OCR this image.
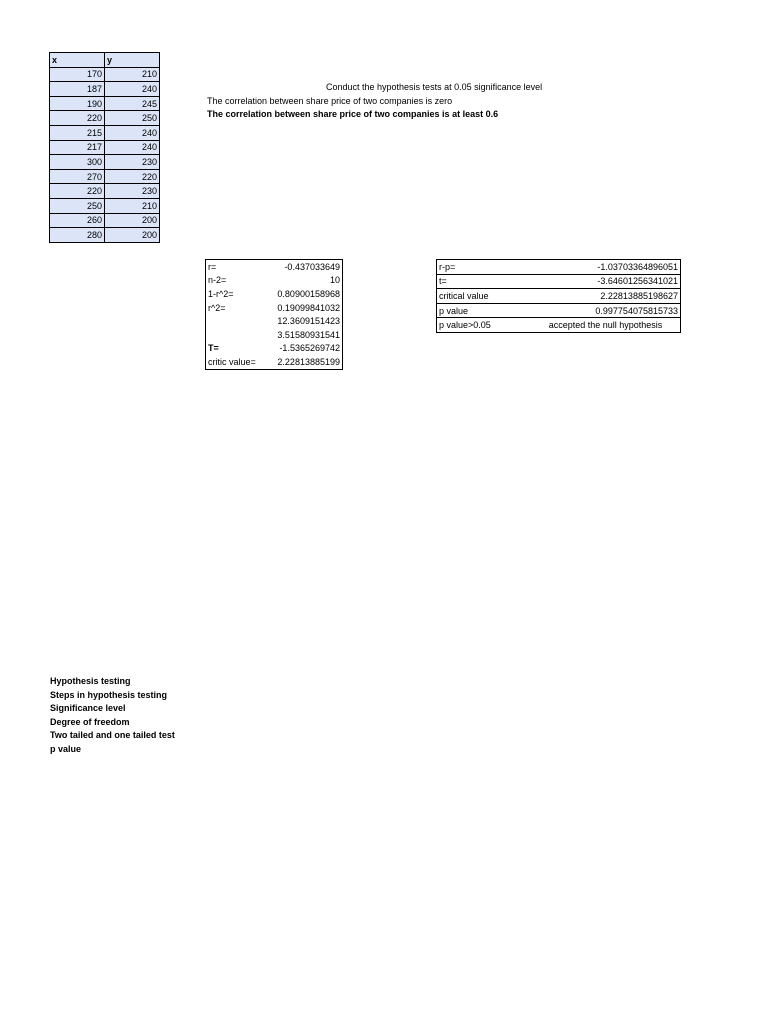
x	y
170	210
187	240
190	245
220	250
215	240
217	240
300	230
270	220
220	230
250	210
260	200
280	200
Conduct the hypothesis tests at 0.05 significance level
The correlation between share price of two companies is zero
The correlation between share price of two companies is at least 0.6
r=	-0.437033649
n-2=	10
1-r^2=	0.80900158968
r^2=	0.19099841032
	12.3609151423
	3.51580931541
T=	-1.5365269742
critic value=	2.22813885199
r-p=	-1.03703364896051
t=	-3.64601256341021
critical value	2.22813885198627
p value	0.997754075815733
p value>0.05	accepted the null hypothesis
Hypothesis testing
Steps in hypothesis testing
Significance level
Degree of freedom
Two tailed and one tailed test
p value
